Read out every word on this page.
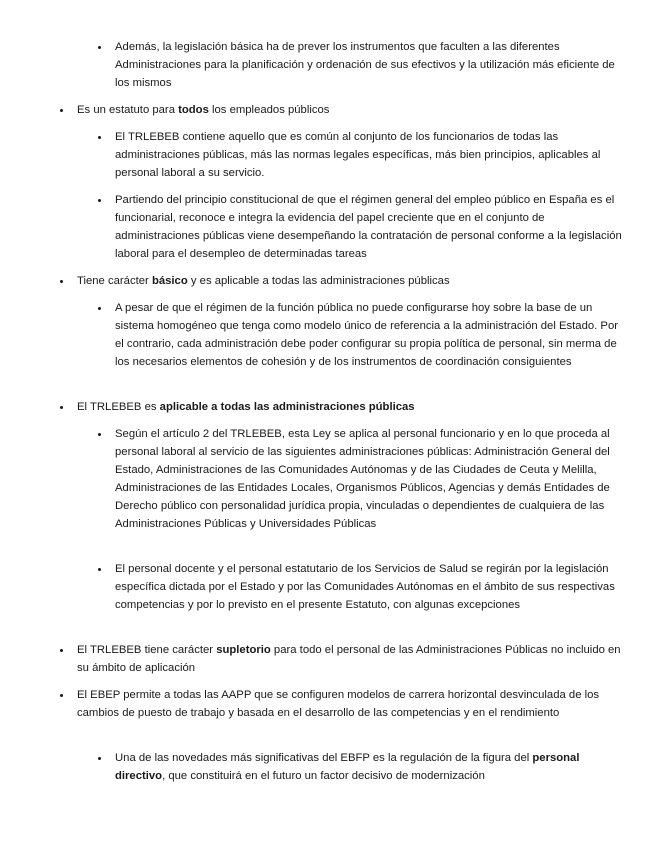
Además, la legislación básica ha de prever los instrumentos que faculten a las diferentes Administraciones para la planificación y ordenación de sus efectivos y la utilización más eficiente de los mismos
Es un estatuto para todos los empleados públicos
El TRLEBEB contiene aquello que es común al conjunto de los funcionarios de todas las administraciones públicas, más las normas legales específicas, más bien principios, aplicables al personal laboral a su servicio.
Partiendo del principio constitucional de que el régimen general del empleo público en España es el funcionarial, reconoce e integra la evidencia del papel creciente que en el conjunto de administraciones públicas viene desempeñando la contratación de personal conforme a la legislación laboral para el desempleo de determinadas tareas
Tiene carácter básico y es aplicable a todas las administraciones públicas
A pesar de que el régimen de la función pública no puede configurarse hoy sobre la base de un sistema homogéneo que tenga como modelo único de referencia a la administración del Estado. Por el contrario, cada administración debe poder configurar su propia política de personal, sin merma de los necesarios elementos de cohesión y de los instrumentos de coordinación consiguientes
El TRLEBEB es aplicable a todas las administraciones públicas
Según el artículo 2 del TRLEBEB, esta Ley se aplica al personal funcionario y en lo que proceda al personal laboral al servicio de las siguientes administraciones públicas: Administración General del Estado, Administraciones de las Comunidades Autónomas y de las Ciudades de Ceuta y Melilla, Administraciones de las Entidades Locales, Organismos Públicos, Agencias y demás Entidades de Derecho público con personalidad jurídica propia, vinculadas o dependientes de cualquiera de las Administraciones Públicas y Universidades Públicas
El personal docente y el personal estatutario de los Servicios de Salud se regirán por la legislación específica dictada por el Estado y por las Comunidades Autónomas en el ámbito de sus respectivas competencias y por lo previsto en el presente Estatuto, con algunas excepciones
El TRLEBEB tiene carácter supletorio para todo el personal de las Administraciones Públicas no incluido en su ámbito de aplicación
El EBEP permite a todas las AAPP que se configuren modelos de carrera horizontal desvinculada de los cambios de puesto de trabajo y basada en el desarrollo de las competencias y en el rendimiento
Una de las novedades más significativas del EBFP es la regulación de la figura del personal directivo, que constituirá en el futuro un factor decisivo de modernización
